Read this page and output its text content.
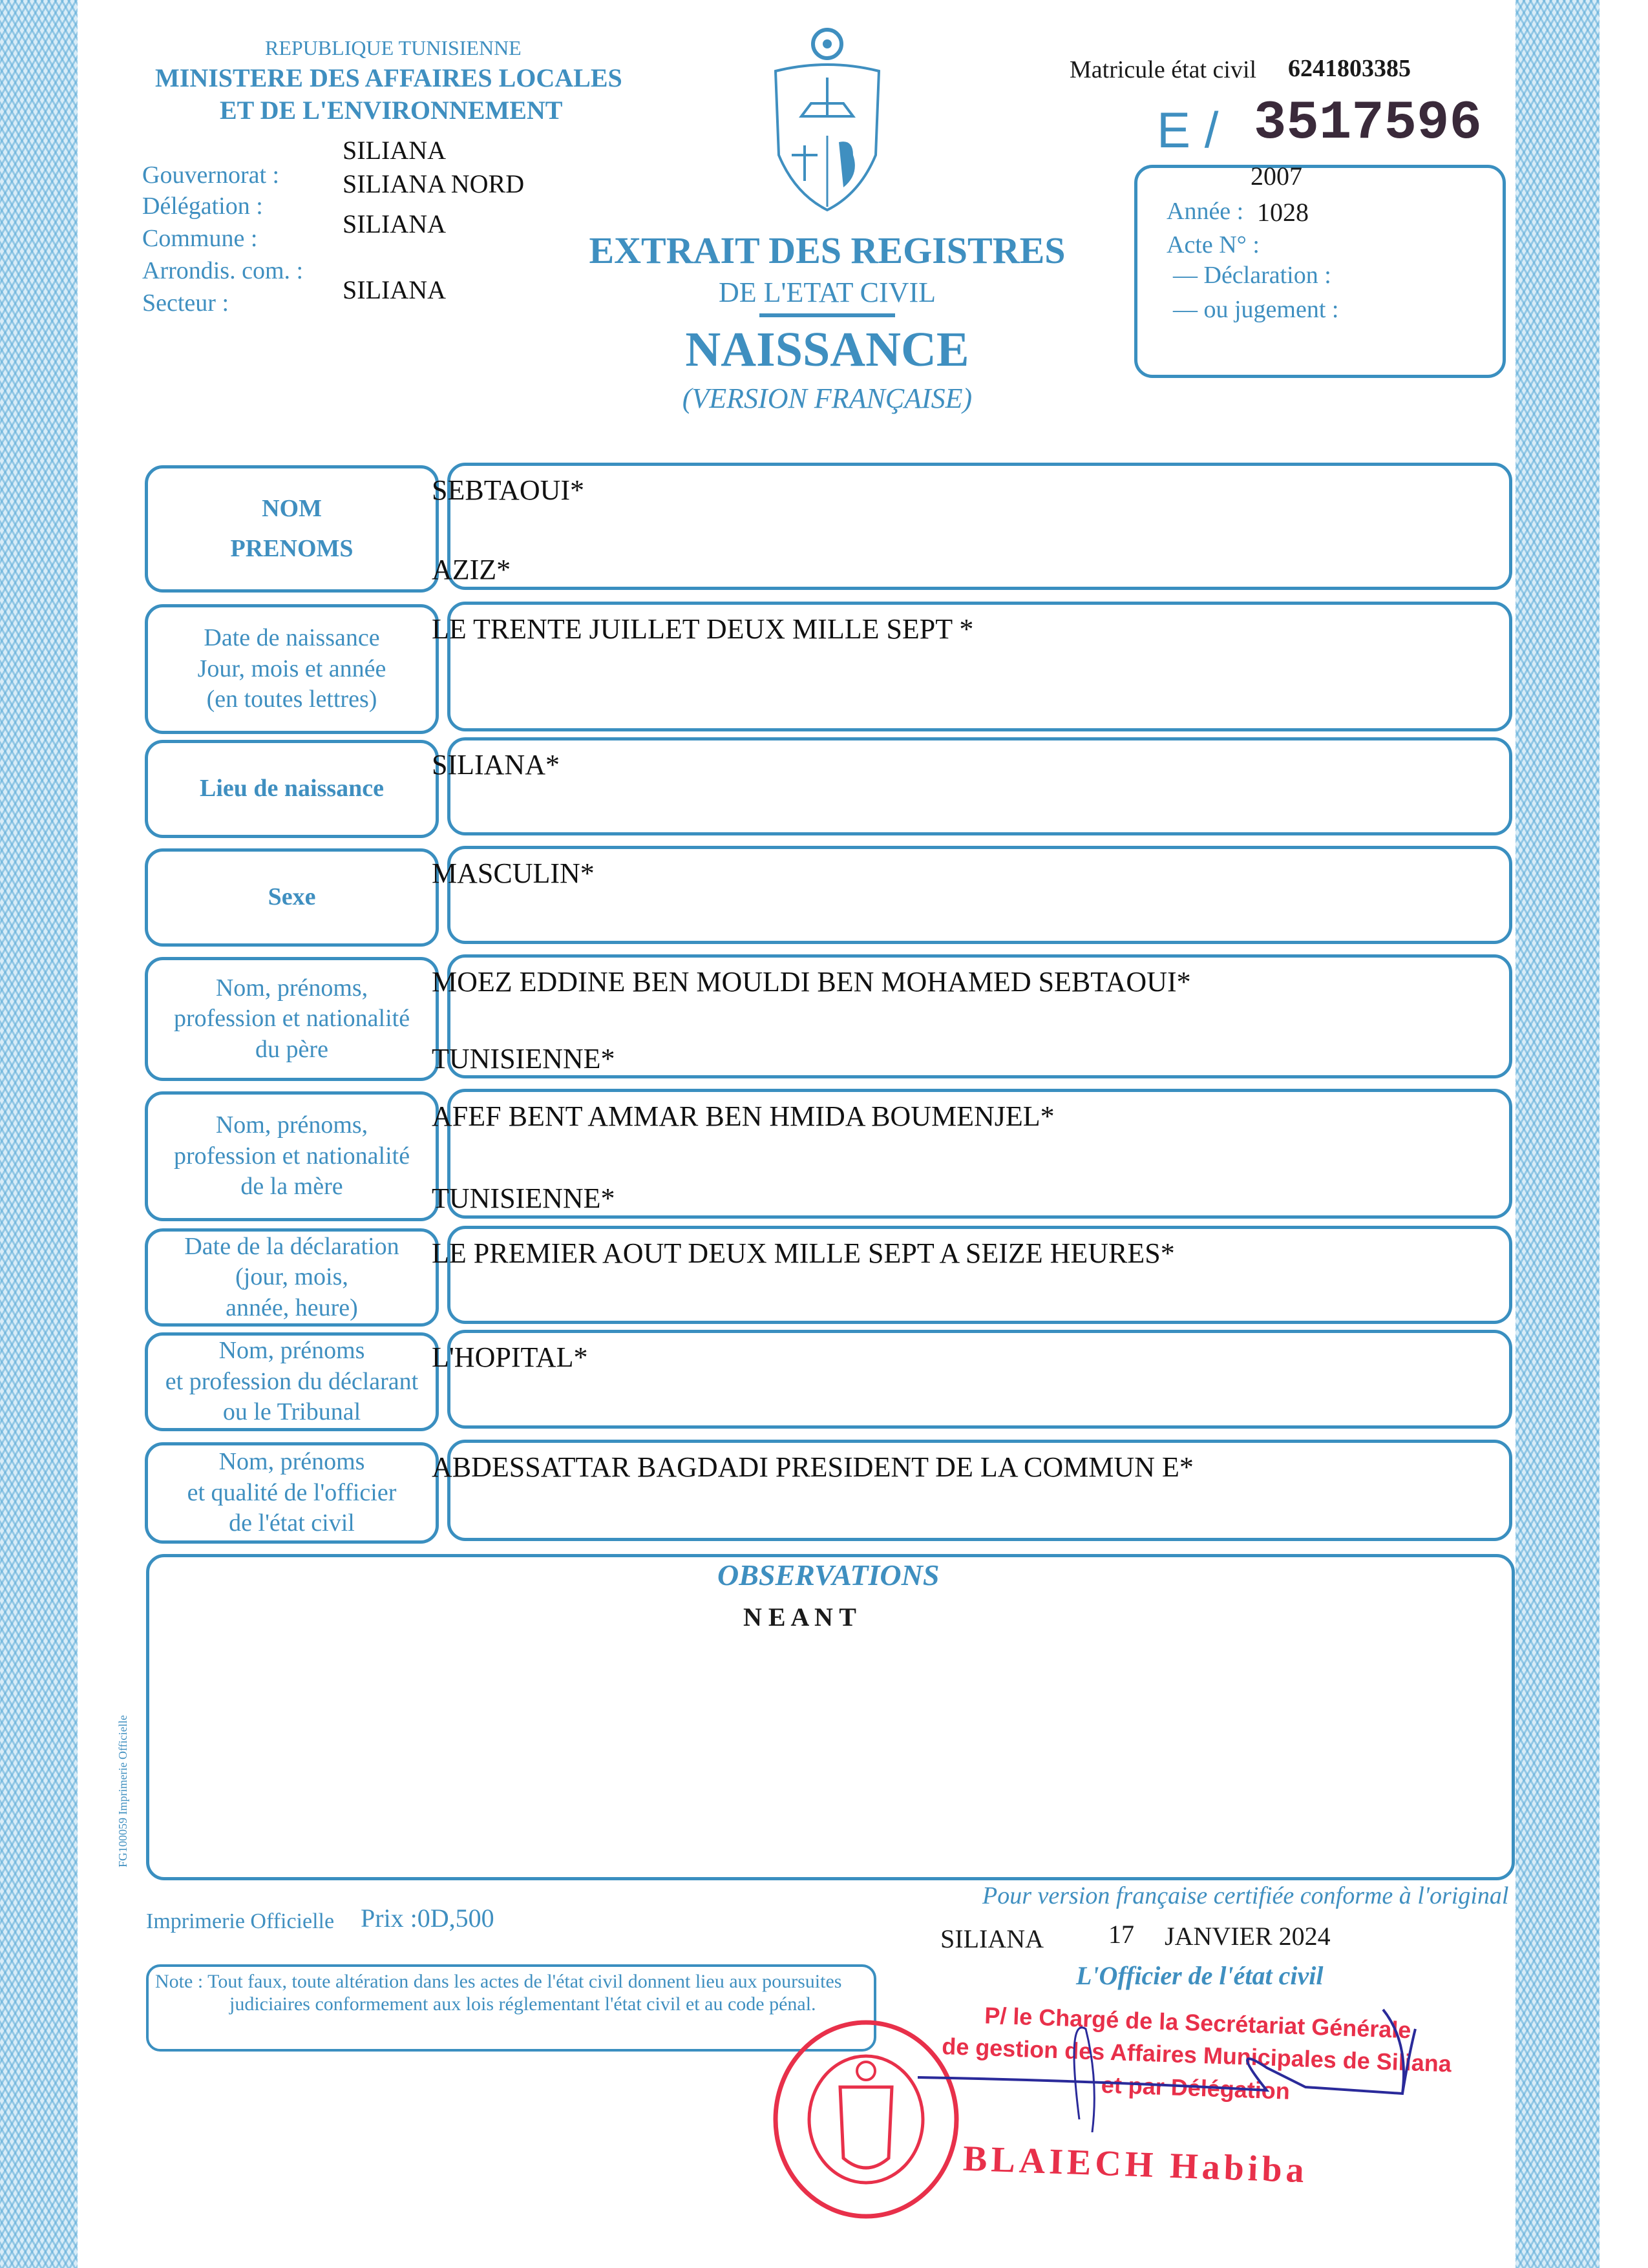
REPUBLIQUE TUNISIENNE
MINISTERE DES AFFAIRES LOCALES
ET DE L'ENVIRONNEMENT
SILIANA
Gouvernorat : SILIANA NORD
Délégation :
SILIANA
Commune :
Arrondis. com. :
SILIANA
Secteur :
EXTRAIT DES REGISTRES
DE L'ETAT CIVIL
NAISSANCE
(VERSION FRANÇAISE)
Matricule état civil 6241803385
E / 3517596
2007
Année : 1028
Acte N° :
— Déclaration :
— ou jugement :
NOM
PRENOMS
SEBTAOUI*
AZIZ*
Date de naissance
Jour, mois et année
(en toutes lettres)
LE TRENTE JUILLET DEUX MILLE SEPT *
Lieu de naissance
SILIANA*
Sexe
MASCULIN*
Nom, prénoms,
profession et nationalité
du père
MOEZ EDDINE BEN MOULDI BEN MOHAMED SEBTAOUI*
TUNISIENNE*
Nom, prénoms,
profession et nationalité
de la mère
AFEF BENT AMMAR BEN HMIDA BOUMENJEL*
TUNISIENNE*
Date de la déclaration
(jour, mois,
année, heure)
LE PREMIER AOUT DEUX MILLE SEPT A SEIZE HEURES*
Nom, prénoms
et profession du déclarant
ou le Tribunal
L'HOPITAL*
Nom, prénoms
et qualité de l'officier
de l'état civil
ABDESSATTAR BAGDADI PRESIDENT DE LA COMMUN E*
OBSERVATIONS
N E A N T
FG100059 Imprimerie Officielle
Imprimerie Officielle Prix :0D,500
Pour version française certifiée conforme à l'original
SILIANA	17 JANVIER 2024
L'Officier de l'état civil
Note : Tout faux, toute altération dans les actes de l'état civil donnent lieu aux poursuites judiciaires conformement aux lois réglementant l'état civil et au code pénal.	P/ le Chargé de la Secrétariat Générale
de gestion des Affaires Municipales de Siliana
et par Délégation
BLAIECH Habiba
